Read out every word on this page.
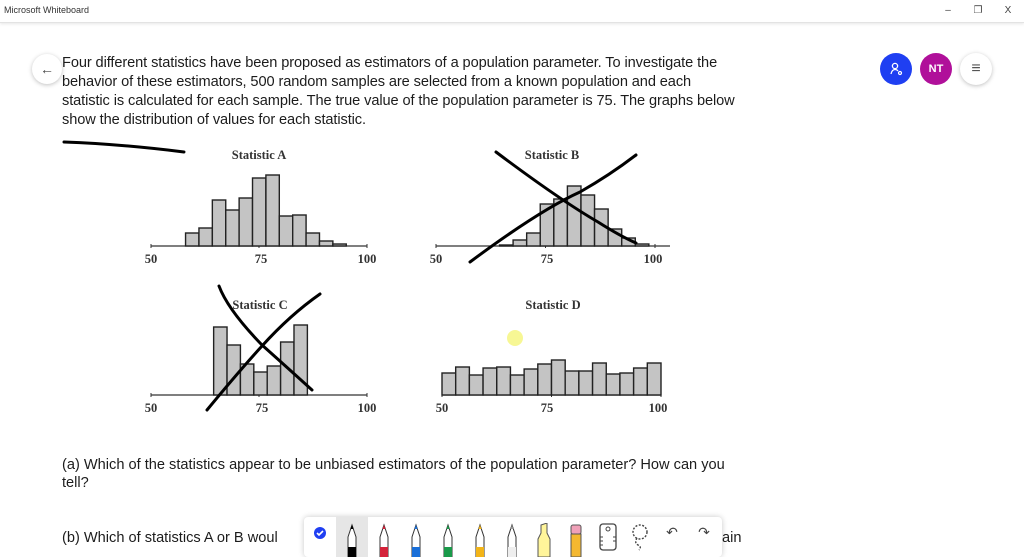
Microsoft Whiteboard	–	❐	X
←	NT ≡
Four different statistics have been proposed as estimators of a population parameter. To investigate the behavior of these estimators, 500 random samples are selected from a known population and each statistic is calculated for each sample. The true value of the population parameter is 75. The graphs below show the distribution of values for each statistic.
Statistic A	Statistic B
Statistic C	Statistic D
50	75	100	50	75	100
50	75	100	50	75	100
(a) Which of the statistics appear to be unbiased estimators of the population parameter? How can you tell?
(b) Which of statistics A or B woul	ain
↶ ↷
